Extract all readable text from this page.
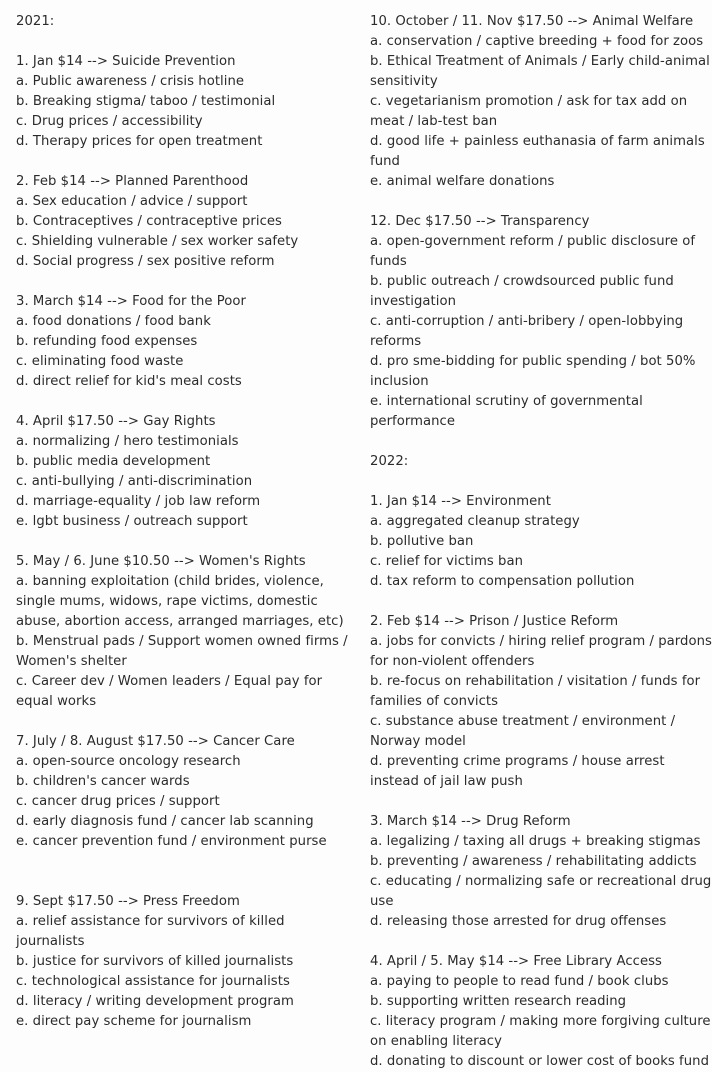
2021:
1. Jan $14 --> Suicide Prevention
a. Public awareness / crisis hotline
b. Breaking stigma/ taboo / testimonial
c. Drug prices / accessibility
d. Therapy prices for open treatment
2. Feb $14 --> Planned Parenthood
a. Sex education / advice / support
b. Contraceptives / contraceptive prices
c. Shielding vulnerable / sex worker safety
d. Social progress / sex positive reform
3. March $14 --> Food for the Poor
a. food donations / food bank
b. refunding food expenses
c. eliminating food waste
d. direct relief for kid's meal costs
4. April $17.50 --> Gay Rights
a. normalizing / hero testimonials
b. public media development
c. anti-bullying / anti-discrimination
d. marriage-equality / job law reform
e. lgbt business / outreach support
5. May / 6. June $10.50 --> Women's Rights
a. banning exploitation (child brides, violence, single mums, widows, rape victims, domestic abuse, abortion access, arranged marriages, etc)
b. Menstrual pads / Support women owned firms / Women's shelter
c. Career dev / Women leaders / Equal pay for equal works
7. July / 8. August $17.50 --> Cancer Care
a. open-source oncology research
b. children's cancer wards
c. cancer drug prices / support
d. early diagnosis fund / cancer lab scanning
e. cancer prevention fund / environment purse
9. Sept $17.50 --> Press Freedom
a. relief assistance for survivors of killed journalists
b. justice for survivors of killed journalists
c. technological assistance for journalists
d. literacy / writing development program
e. direct pay scheme for journalism
10. October / 11. Nov $17.50 --> Animal Welfare
a. conservation / captive breeding + food for zoos
b. Ethical Treatment of Animals / Early child-animal sensitivity
c. vegetarianism promotion / ask for tax add on meat / lab-test ban
d. good life + painless euthanasia of farm animals fund
e. animal welfare donations
12. Dec $17.50 --> Transparency
a. open-government reform / public disclosure of funds
b. public outreach / crowdsourced public fund investigation
c. anti-corruption / anti-bribery / open-lobbying reforms
d. pro sme-bidding for public spending / bot 50% inclusion
e. international scrutiny of governmental performance
2022:
1. Jan $14 --> Environment
a. aggregated cleanup strategy
b. pollutive ban
c. relief for victims ban
d. tax reform to compensation pollution
2. Feb $14 --> Prison / Justice Reform
a. jobs for convicts / hiring relief program / pardons for non-violent offenders
b. re-focus on rehabilitation / visitation / funds for families of convicts
c. substance abuse treatment / environment / Norway model
d. preventing crime programs / house arrest instead of jail law push
3. March $14 --> Drug Reform
a. legalizing / taxing all drugs + breaking stigmas
b. preventing / awareness / rehabilitating addicts
c. educating / normalizing safe or recreational drug use
d. releasing those arrested for drug offenses
4. April / 5. May $14 --> Free Library Access
a. paying to people to read fund / book clubs
b. supporting written research reading
c. literacy program / making more forgiving culture on enabling literacy
d. donating to discount or lower cost of books fund
